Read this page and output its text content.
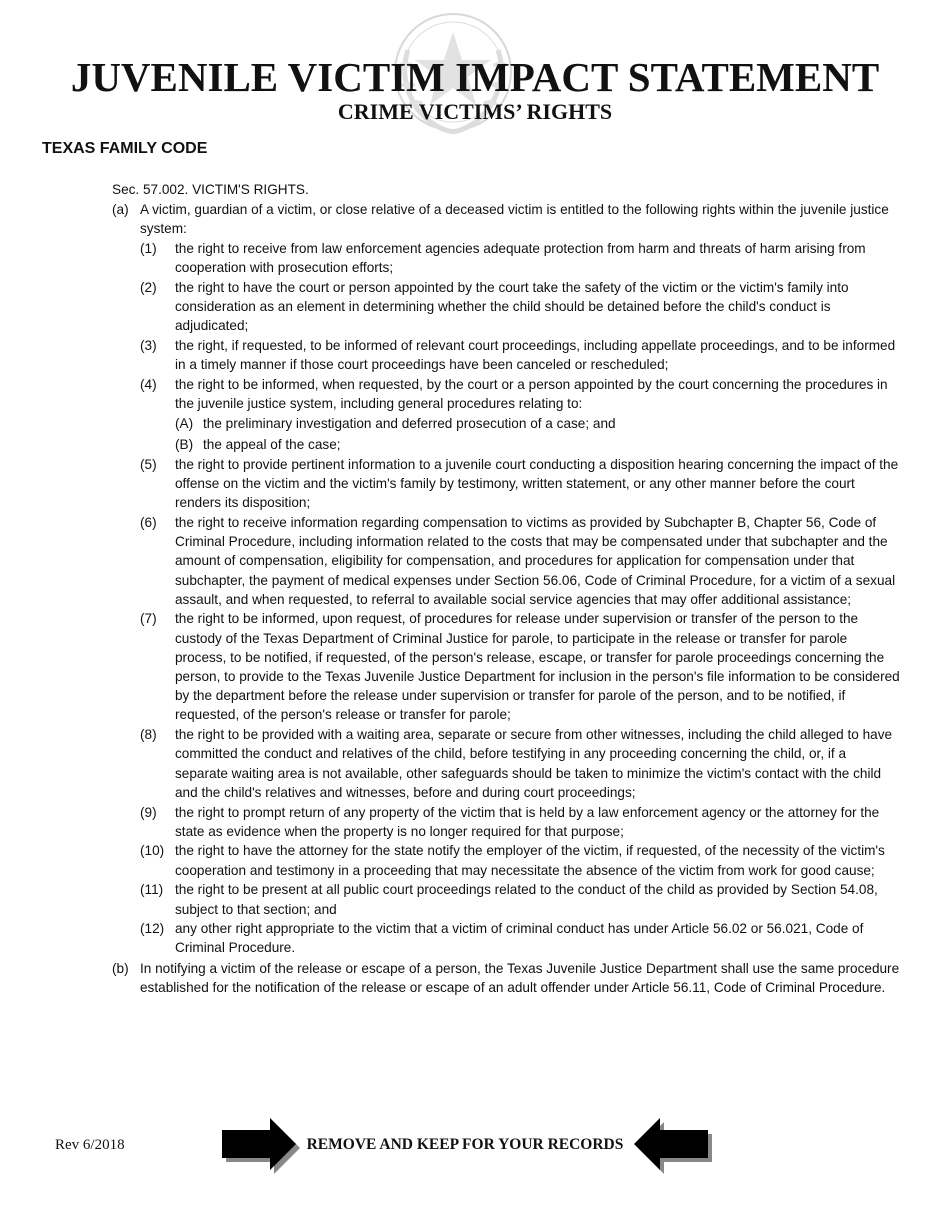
JUVENILE VICTIM IMPACT STATEMENT
CRIME VICTIMS’ RIGHTS
TEXAS FAMILY CODE
Sec. 57.002. VICTIM'S RIGHTS.
(a) A victim, guardian of a victim, or close relative of a deceased victim is entitled to the following rights within the juvenile justice system:
(1)	the right to receive from law enforcement agencies adequate protection from harm and threats of harm arising from cooperation with prosecution efforts;
(2)	the right to have the court or person appointed by the court take the safety of the victim or the victim's family into consideration as an element in determining whether the child should be detained before the child's conduct is adjudicated;
(3)	the right, if requested, to be informed of relevant court proceedings, including appellate proceedings, and to be informed in a timely manner if those court proceedings have been canceled or rescheduled;
(4)	the right to be informed, when requested, by the court or a person appointed by the court concerning the procedures in the juvenile justice system, including general procedures relating to:
(A) the preliminary investigation and deferred prosecution of a case; and
(B) the appeal of the case;
(5)	the right to provide pertinent information to a juvenile court conducting a disposition hearing concerning the impact of the offense on the victim and the victim's family by testimony, written statement, or any other manner before the court renders its disposition;
(6)	the right to receive information regarding compensation to victims as provided by Subchapter B, Chapter 56, Code of Criminal Procedure, including information related to the costs that may be compensated under that subchapter and the amount of compensation, eligibility for compensation, and procedures for application for compensation under that subchapter, the payment of medical expenses under Section 56.06, Code of Criminal Procedure, for a victim of a sexual assault, and when requested, to referral to available social service agencies that may offer additional assistance;
(7)	the right to be informed, upon request, of procedures for release under supervision or transfer of the person to the custody of the Texas Department of Criminal Justice for parole, to participate in the release or transfer for parole process, to be notified, if requested, of the person's release, escape, or transfer for parole proceedings concerning the person, to provide to the Texas Juvenile Justice Department for inclusion in the person's file information to be considered by the department before the release under supervision or transfer for parole of the person, and to be notified, if requested, of the person's release or transfer for parole;
(8)	the right to be provided with a waiting area, separate or secure from other witnesses, including the child alleged to have committed the conduct and relatives of the child, before testifying in any proceeding concerning the child, or, if a separate waiting area is not available, other safeguards should be taken to minimize the victim's contact with the child and the child's relatives and witnesses, before and during court proceedings;
(9)	the right to prompt return of any property of the victim that is held by a law enforcement agency or the attorney for the state as evidence when the property is no longer required for that purpose;
(10) the right to have the attorney for the state notify the employer of the victim, if requested, of the necessity of the victim's cooperation and testimony in a proceeding that may necessitate the absence of the victim from work for good cause;
(11) the right to be present at all public court proceedings related to the conduct of the child as provided by Section 54.08, subject to that section; and
(12) any other right appropriate to the victim that a victim of criminal conduct has under Article 56.02 or 56.021, Code of Criminal Procedure.
(b) In notifying a victim of the release or escape of a person, the Texas Juvenile Justice Department shall use the same procedure established for the notification of the release or escape of an adult offender under Article 56.11, Code of Criminal Procedure.
Rev 6/2018	REMOVE AND KEEP FOR YOUR RECORDS
